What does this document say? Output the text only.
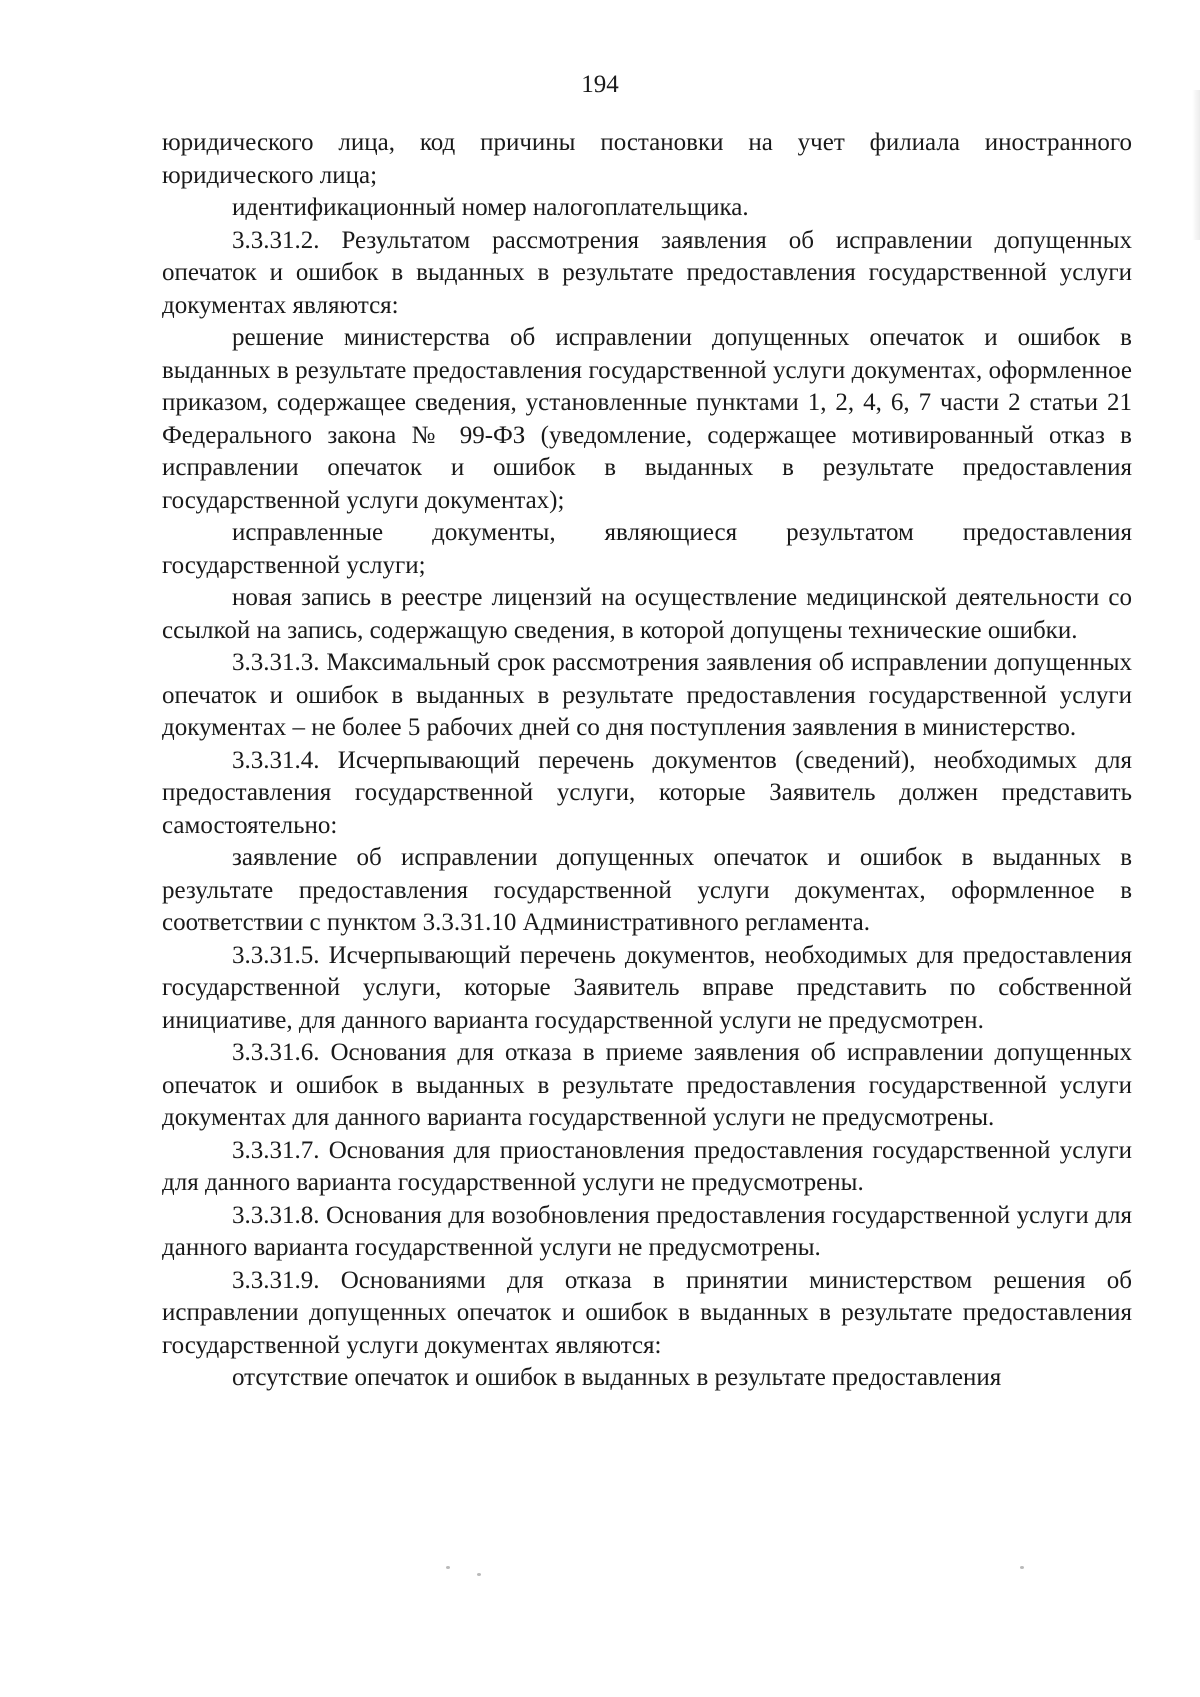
194

юридического лица, код причины постановки на учет филиала иностранного юридического лица;

идентификационный номер налогоплательщика.

3.3.31.2. Результатом рассмотрения заявления об исправлении допущенных опечаток и ошибок в выданных в результате предоставления государственной услуги документах являются:

решение министерства об исправлении допущенных опечаток и ошибок в выданных в результате предоставления государственной услуги документах, оформленное приказом, содержащее сведения, установленные пунктами 1, 2, 4, 6, 7 части 2 статьи 21 Федерального закона № 99-ФЗ (уведомление, содержащее мотивированный отказ в исправлении опечаток и ошибок в выданных в результате предоставления государственной услуги документах);

исправленные документы, являющиеся результатом предоставления государственной услуги;

новая запись в реестре лицензий на осуществление медицинской деятельности со ссылкой на запись, содержащую сведения, в которой допущены технические ошибки.

3.3.31.3. Максимальный срок рассмотрения заявления об исправлении допущенных опечаток и ошибок в выданных в результате предоставления государственной услуги документах – не более 5 рабочих дней со дня поступления заявления в министерство.

3.3.31.4. Исчерпывающий перечень документов (сведений), необходимых для предоставления государственной услуги, которые Заявитель должен представить самостоятельно:

заявление об исправлении допущенных опечаток и ошибок в выданных в результате предоставления государственной услуги документах, оформленное в соответствии с пунктом 3.3.31.10 Административного регламента.

3.3.31.5. Исчерпывающий перечень документов, необходимых для предоставления государственной услуги, которые Заявитель вправе представить по собственной инициативе, для данного варианта государственной услуги не предусмотрен.

3.3.31.6. Основания для отказа в приеме заявления об исправлении допущенных опечаток и ошибок в выданных в результате предоставления государственной услуги документах для данного варианта государственной услуги не предусмотрены.

3.3.31.7. Основания для приостановления предоставления государственной услуги для данного варианта государственной услуги не предусмотрены.

3.3.31.8. Основания для возобновления предоставления государственной услуги для данного варианта государственной услуги не предусмотрены.

3.3.31.9. Основаниями для отказа в принятии министерством решения об исправлении допущенных опечаток и ошибок в выданных в результате предоставления государственной услуги документах являются:

отсутствие опечаток и ошибок в выданных в результате предоставления
